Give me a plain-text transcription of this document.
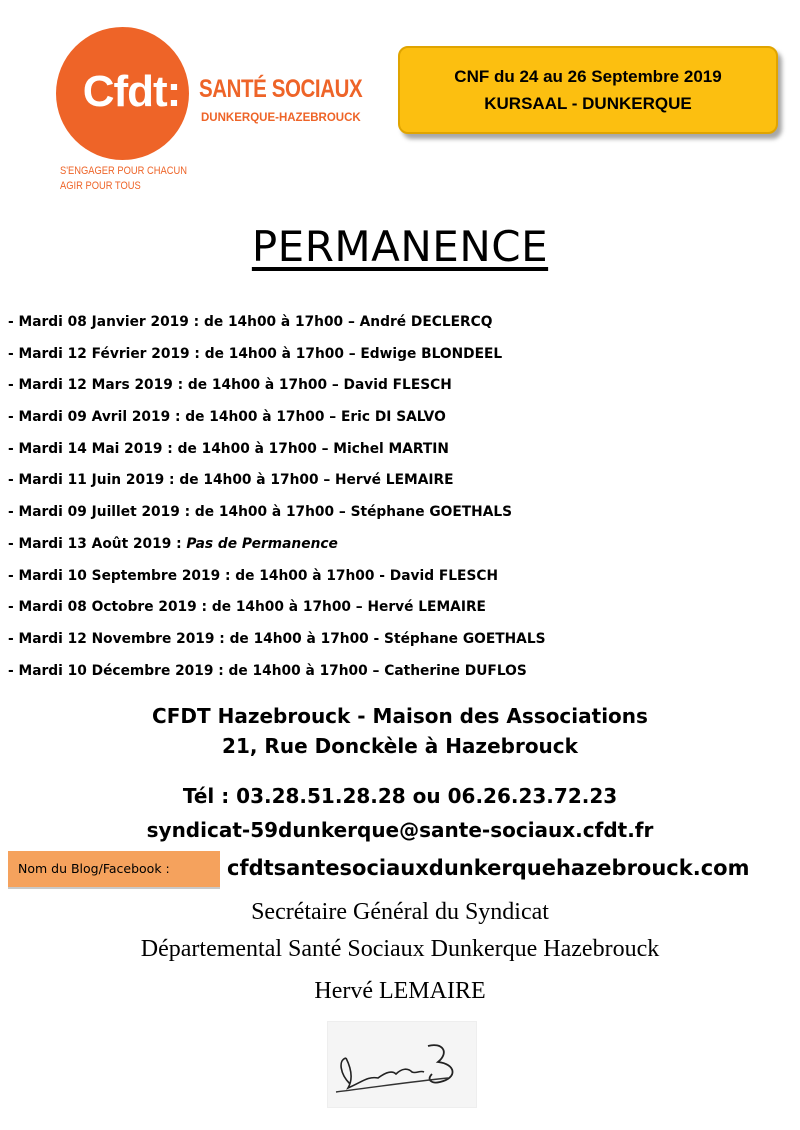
Cfdt: SANTÉ SOCIAUX
DUNKERQUE-HAZEBROUCK
S'ENGAGER POUR CHACUN
AGIR POUR TOUS
CNF du 24 au 26 Septembre 2019
KURSAAL - DUNKERQUE
PERMANENCE
- Mardi 08 Janvier 2019 : de 14h00 à 17h00 – André DECLERCQ
- Mardi 12 Février 2019 : de 14h00 à 17h00 – Edwige BLONDEEL
- Mardi 12 Mars 2019 : de 14h00 à 17h00 – David FLESCH
- Mardi 09 Avril 2019 : de 14h00 à 17h00 – Eric DI SALVO
- Mardi 14 Mai 2019 : de 14h00 à 17h00 – Michel MARTIN
- Mardi 11 Juin 2019 : de 14h00 à 17h00 – Hervé LEMAIRE
- Mardi 09 Juillet 2019 : de 14h00 à 17h00 – Stéphane GOETHALS
- Mardi 13 Août 2019 : Pas de Permanence
- Mardi 10 Septembre 2019 : de 14h00 à 17h00 - David FLESCH
- Mardi 08 Octobre 2019 : de 14h00 à 17h00 – Hervé LEMAIRE
- Mardi 12 Novembre 2019 : de 14h00 à 17h00 - Stéphane GOETHALS
- Mardi 10 Décembre 2019 : de 14h00 à 17h00 – Catherine DUFLOS
CFDT Hazebrouck - Maison des Associations
21, Rue Donckèle à Hazebrouck
Tél : 03.28.51.28.28 ou 06.26.23.72.23
syndicat-59dunkerque@sante-sociaux.cfdt.fr
Nom du Blog/Facebook :	cfdtsantesociauxdunkerquehazebrouck.com
Secrétaire Général du Syndicat
Départemental Santé Sociaux Dunkerque Hazebrouck
Hervé LEMAIRE
